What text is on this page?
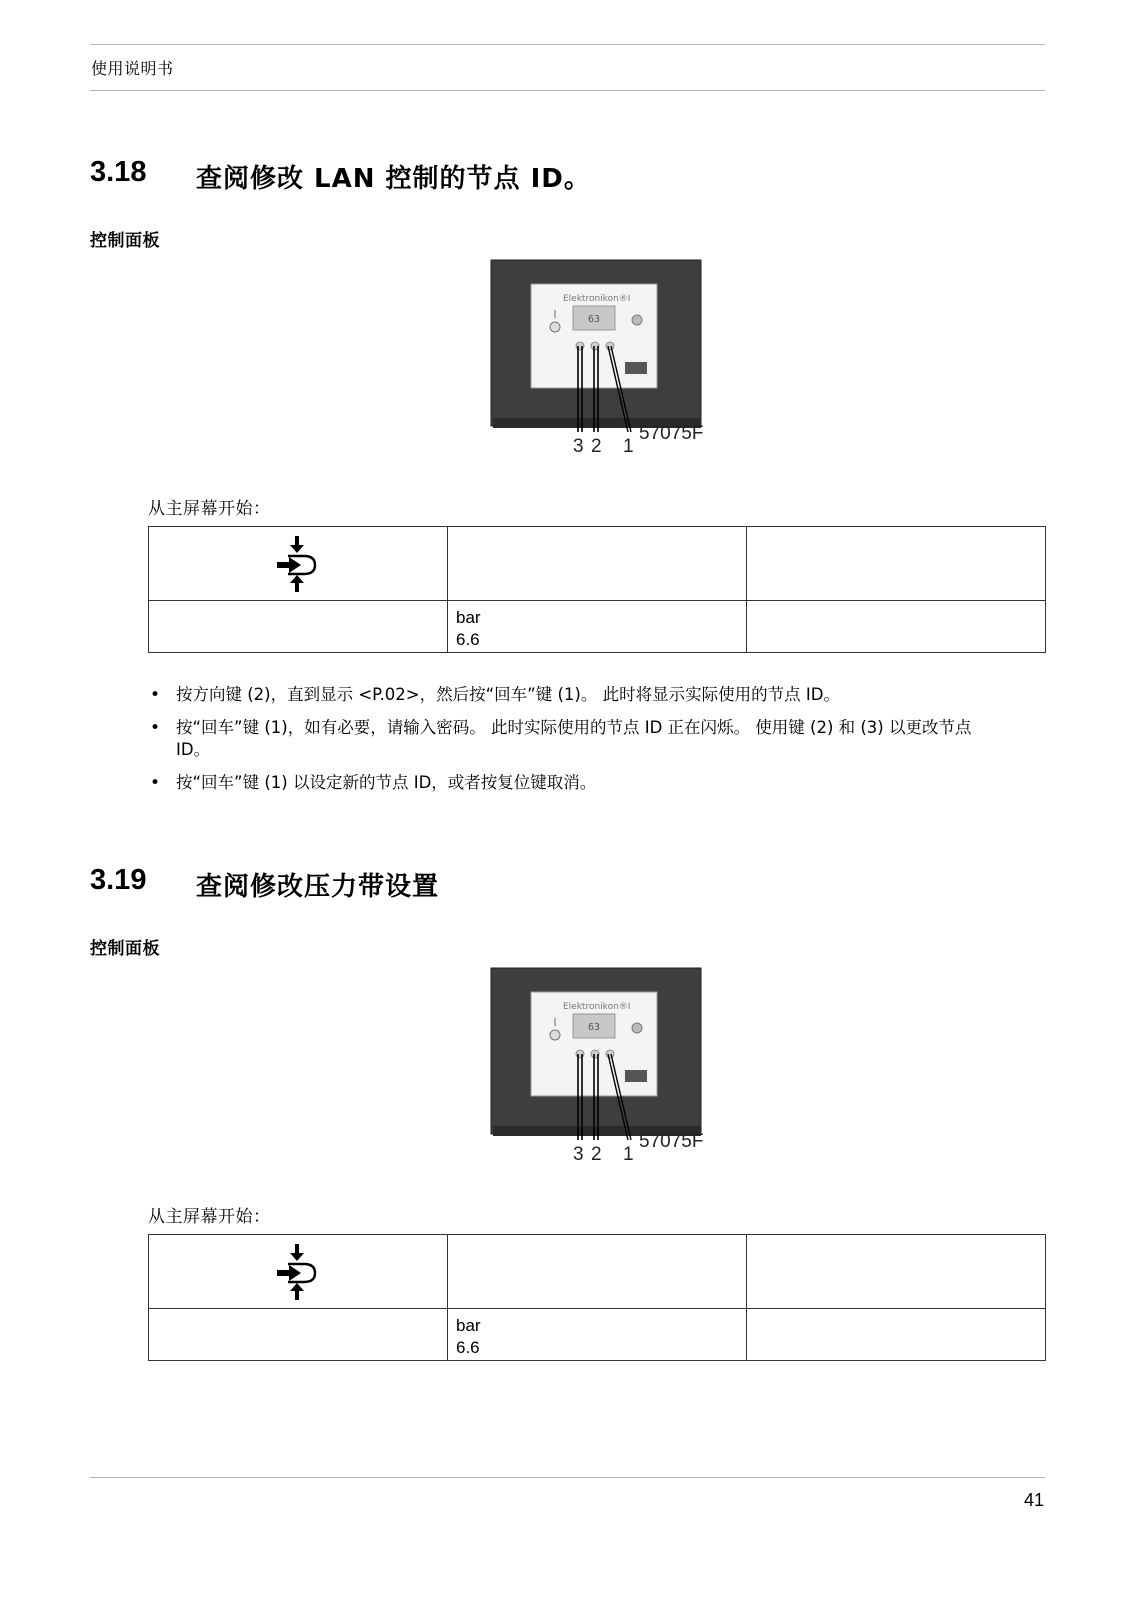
使用说明书
3.18 查阅修改 LAN 控制的节点 ID。
控制面板
Elektronikon®I
63
57075F
3 2 1
从主屏幕开始：

	bar
6.6	

• 按方向键 (2)，直到显示 <P.02>，然后按“回车”键 (1)。 此时将显示实际使用的节点 ID。
• 按“回车”键 (1)，如有必要，请输入密码。 此时实际使用的节点 ID 正在闪烁。 使用键 (2) 和 (3) 以更改节点 ID。
• 按“回车”键 (1) 以设定新的节点 ID，或者按复位键取消。
3.19 查阅修改压力带设置
控制面板
Elektronikon®I
63
57075F
3 2 1
从主屏幕开始：

	bar
6.6	

41
